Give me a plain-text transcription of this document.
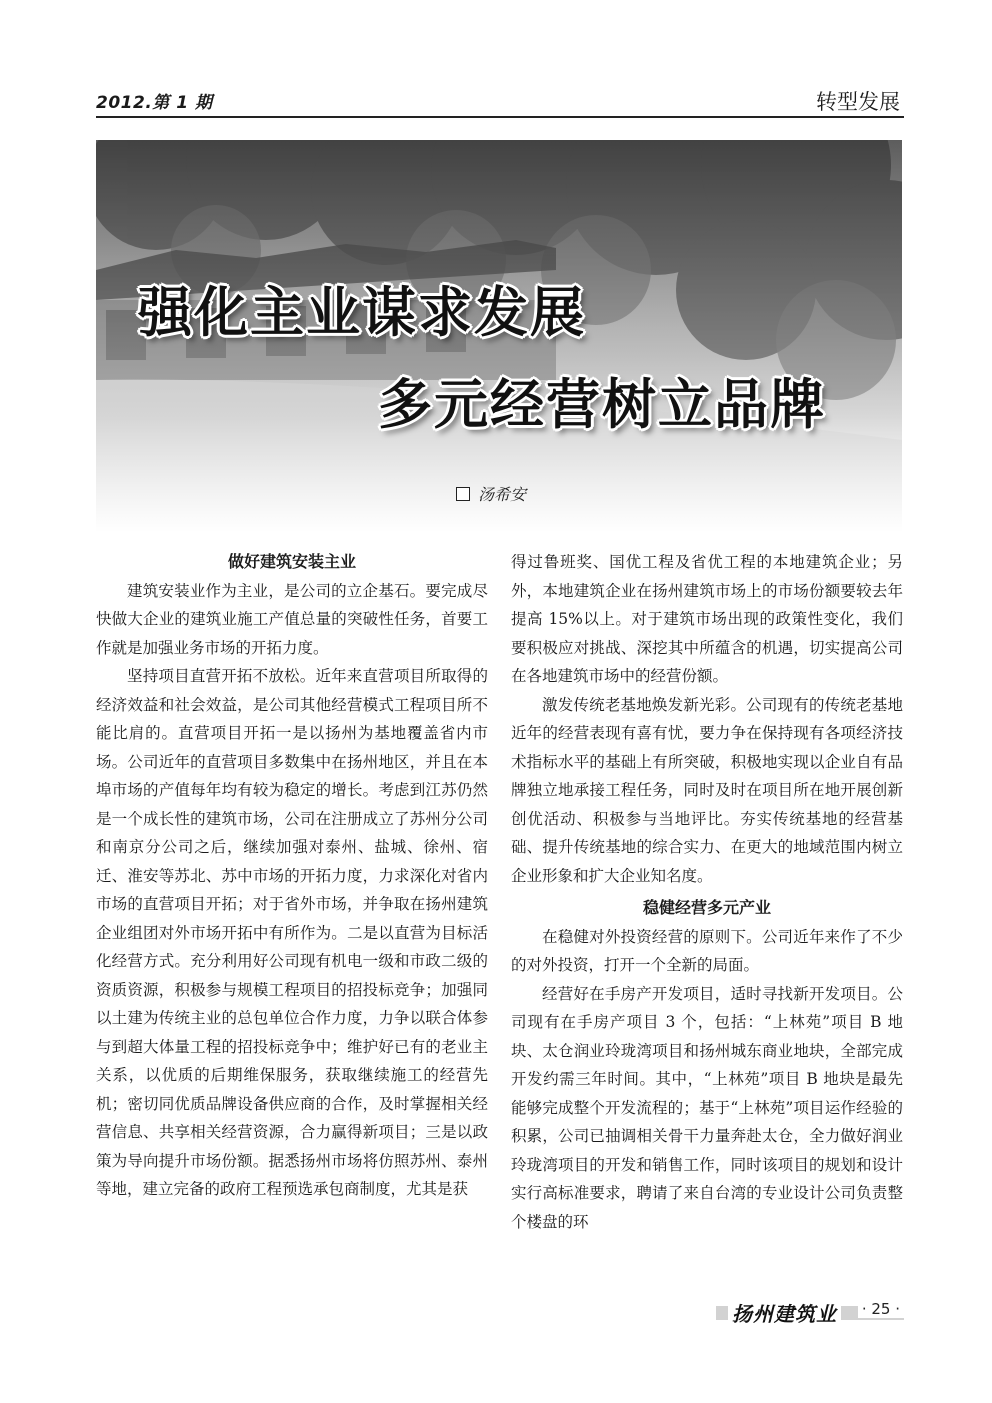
2012.第 1 期	转型发展
强化主业谋求发展
多元经营树立品牌
汤希安
做好建筑安装主业

建筑安装业作为主业，是公司的立企基石。要完成尽快做大企业的建筑业施工产值总量的突破性任务，首要工作就是加强业务市场的开拓力度。

坚持项目直营开拓不放松。近年来直营项目所取得的经济效益和社会效益，是公司其他经营模式工程项目所不能比肩的。直营项目开拓一是以扬州为基地覆盖省内市场。公司近年的直营项目多数集中在扬州地区，并且在本埠市场的产值每年均有较为稳定的增长。考虑到江苏仍然是一个成长性的建筑市场，公司在注册成立了苏州分公司和南京分公司之后，继续加强对泰州、盐城、徐州、宿迁、淮安等苏北、苏中市场的开拓力度，力求深化对省内市场的直营项目开拓；对于省外市场，并争取在扬州建筑企业组团对外市场开拓中有所作为。二是以直营为目标活化经营方式。充分利用好公司现有机电一级和市政二级的资质资源，积极参与规模工程项目的招投标竞争；加强同以土建为传统主业的总包单位合作力度，力争以联合体参与到超大体量工程的招投标竞争中；维护好已有的老业主关系，以优质的后期维保服务，获取继续施工的经营先机；密切同优质品牌设备供应商的合作，及时掌握相关经营信息、共享相关经营资源，合力赢得新项目；三是以政策为导向提升市场份额。据悉扬州市场将仿照苏州、泰州等地，建立完备的政府工程预选承包商制度，尤其是获

得过鲁班奖、国优工程及省优工程的本地建筑企业；另外，本地建筑企业在扬州建筑市场上的市场份额要较去年提高 15%以上。对于建筑市场出现的政策性变化，我们要积极应对挑战、深挖其中所蕴含的机遇，切实提高公司在各地建筑市场中的经营份额。

激发传统老基地焕发新光彩。公司现有的传统老基地近年的经营表现有喜有忧，要力争在保持现有各项经济技术指标水平的基础上有所突破，积极地实现以企业自有品牌独立地承接工程任务，同时及时在项目所在地开展创新创优活动、积极参与当地评比。夯实传统基地的经营基础、提升传统基地的综合实力、在更大的地域范围内树立企业形象和扩大企业知名度。

稳健经营多元产业

在稳健对外投资经营的原则下。公司近年来作了不少的对外投资，打开一个全新的局面。

经营好在手房产开发项目，适时寻找新开发项目。公司现有在手房产项目 3 个，包括：“上林苑”项目 B 地块、太仓润业玲珑湾项目和扬州城东商业地块，全部完成开发约需三年时间。其中，“上林苑”项目 B 地块是最先能够完成整个开发流程的；基于“上林苑”项目运作经验的积累，公司已抽调相关骨干力量奔赴太仓，全力做好润业玲珑湾项目的开发和销售工作，同时该项目的规划和设计实行高标准要求，聘请了来自台湾的专业设计公司负责整个楼盘的环

扬州建筑业 · 25 ·
